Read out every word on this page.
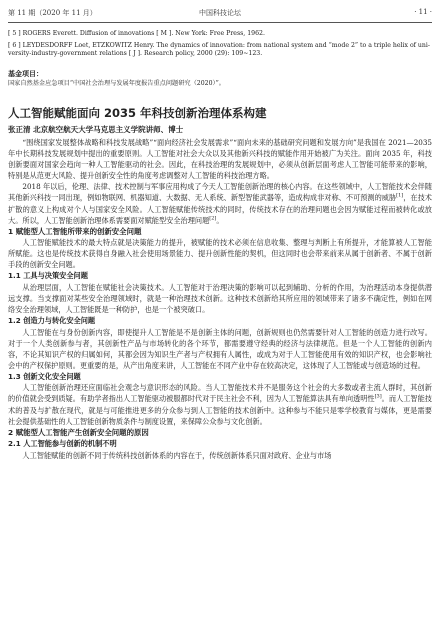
第 11 期（2020 年 11 月）	中国科技论坛	· 11 ·

[ 5 ] ROGERS Everett. Diffusion of innovations [ M ]. New York: Free Press, 1962.

[ 6 ] LEYDESDORFF Loet, ETZKOWITZ Henry. The dynamics of innovation: from national system and “mode 2” to a triple helix of uni-

versity-industry-government relations [ J ]. Research policy, 2000 (29): 109~123.

基金项目：

国家自然基金应急项目“中国社会治理与发展年度报告重点问题研究（2020）”。

人工智能赋能面向 2035 年科技创新治理体系构建

张正清 北京航空航天大学马克思主义学院讲师、博士

“围绕国家发展整体战略和科技发展战略”“面向经济社会发展需求”“面向未来的基础研究问题和发展方向”是我国在 2021—2035 年中长期科技发展规划中提出的重要原则。人工智能对社会大众以及其他新兴科技的赋能作用开始被广为关注。面向 2035 年，科技创新要面对国家会趋向一种人工智能驱动的社会。因此，在科技治理的发展规划中，必须从创新层面考虑人工智能可能带来的影响，特别是从范更大风险、提升创新安全性的角度考虑调整对人工智能的科技治理方略。

2018 年以后，伦理、法律、技术控制与军事应用构成了今天人工智能创新治理的核心内容。在这些领域中，人工智能技术会伴随其他新兴科技一同出现，例如物联网、机器知道、大数据、无人系统、新型智能武器等，造成构成非对称、不可预测的威胁[1]，在技术扩散的意义上构成对个人与国家安全风险。人工智能赋能传统技术的同时，传统技术存在的治理问题也会因为赋能过程而被转化或放大。所以，人工智能创新治理体系需要面对赋能型安全治理问题[2]。

1 赋能型人工智能所带来的创新安全问题

人工智能赋能技术的最大特点就是决策能力的提升，被赋能的技术必须在信息收集、整理与判断上有所提升，才能算被人工智能所赋能。这也是传统技术获得自身融入社会使用场景能力、提升创新性能的契机，但这同时也会带来前来从属于创新者、不属于创新手段的创新安全问题。

1.1 工具与决策安全问题

从治理层面，人工智能在赋能社会决策技术。人工智能对于治理决策的影响可以起到辅助、分析的作用，为治理活动本身提供潜远支撑。当支撑面对某些安全治理领域时，就是一种治理技术创新。这种技术创新给其所应用的领域带来了诸多不确定性，例如在网络安全治理领域，人工智能既是一种防护，也是一个被突破口。

1.2 创造力与转化安全问题

人工智能在与身份创新内容，即使提升人工智能是不是创新主体的问题，创新规则也仍然需要针对人工智能的创造力进行改写。对于一个人类创新参与者，其创新性产品与市场转化的各个环节，都需要遵守经典的经济与法律规范。但是一个人工智能的创新内容，不论其知识产权的归属如何，其都会因为知识生产者与产权拥有人属性，或成为对于人工智能使用有效的知识产权，也会影响社会中的产权保护原则。更重要的是，从产出角度来讲，人工智能在不同产业中存在较高决定，这体现了人工智能或与创造场的过程。

1.3 创新文化安全问题

人工智能创新治理还应面临社会观念与意识形态的风险。当人工智能技术并不是服务这个社会的大多数或者主流人群时，其创新的价值就会受到质疑。有助学者指出人工智能驱动被服都时代对于民主社会不利，因为人工智能算法具有单向透明性[3]。而人工智能技术的普及与扩散在现代，就是与可能推进更多的分众参与到人工智能的技术创新中。这种参与不能只是零学校教育与媒体，更是需要社会提供基础性的人工智能创新物质条件与制度设置，来保障公众参与文化创新。

2 赋能型人工智能产生创新安全问题的原因

2.1 人工智能参与创新的机制不明

人工智能赋能的创新不同于传统科技创新体系的内容在于，传统创新体系只面对政府、企业与市场
